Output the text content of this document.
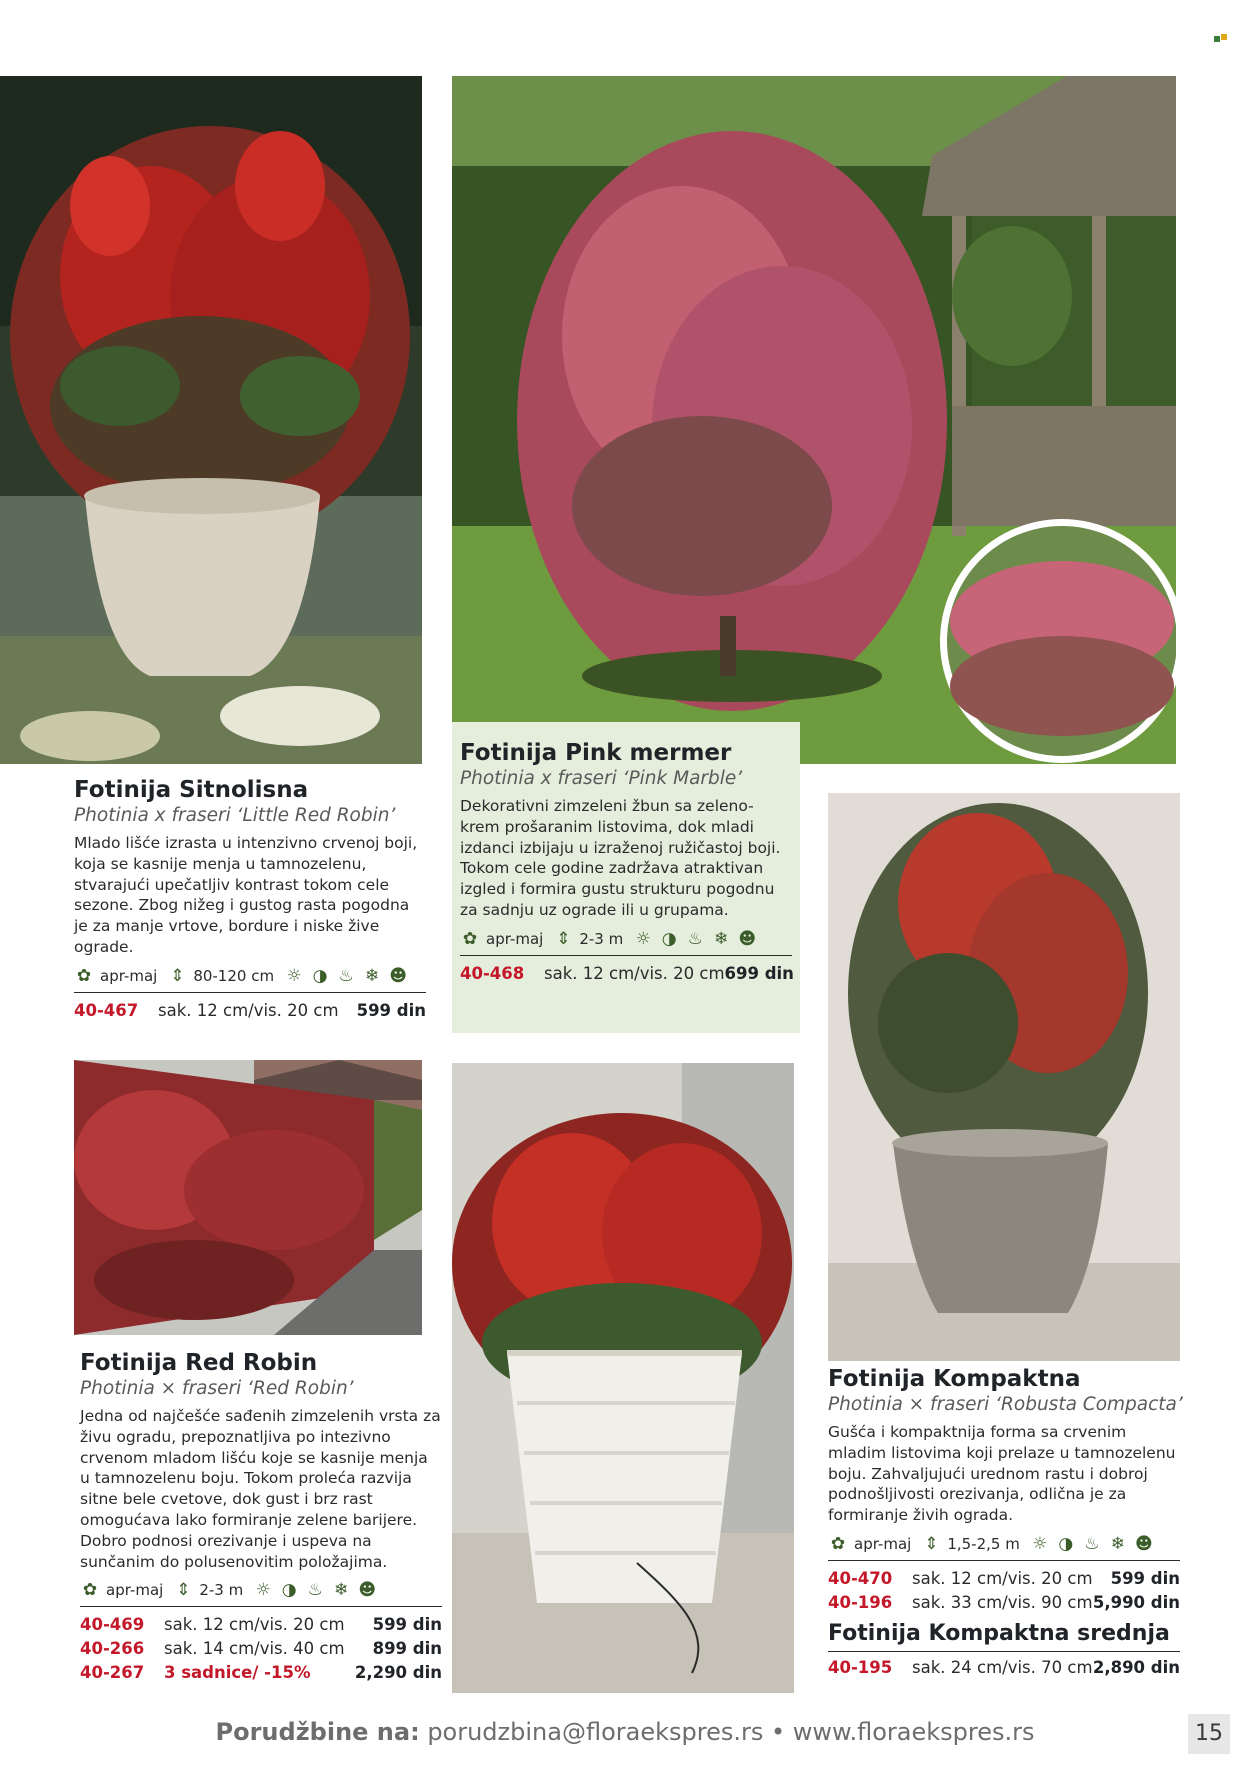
Fotinija Sitnolisna

Photinia x fraseri ‘Little Red Robin’

Mlado lišće izrasta u intenzivno crvenoj boji, koja se kasnije menja u tamnozelenu, stvarajući upečatljiv kontrast tokom cele sezone. Zbog nižeg i gustog rasta pogodna je za manje vrtove, bordure i niske žive ograde.

✿ apr-maj ⇕ 80-120 cm ☼ ◑ ♨ ❄ ☻
40-467	sak. 12 cm/vis. 20 cm	599 din
Fotinija Pink mermer

Photinia x fraseri ‘Pink Marble’

Dekorativni zimzeleni žbun sa zeleno-krem prošaranim listovima, dok mladi izdanci izbijaju u izraženoj ružičastoj boji. Tokom cele godine zadržava atraktivan izgled i formira gustu strukturu pogodnu za sadnju uz ograde ili u grupama.

✿ apr-maj ⇕ 2-3 m ☼ ◑ ♨ ❄ ☻
40-468	sak. 12 cm/vis. 20 cm 699 din
Fotinija Red Robin

Photinia × fraseri ‘Red Robin’

Jedna od najčešće sađenih zimzelenih vrsta za živu ogradu, prepoznatljiva po intezivno crvenom mladom lišću koje se kasnije menja u tamnozelenu boju. Tokom proleća razvija sitne bele cvetove, dok gust i brz rast omogućava lako formiranje zelene barijere. Dobro podnosi orezivanje i uspeva na sunčanim do polusenovitim položajima.

✿ apr-maj ⇕ 2-3 m ☼ ◑ ♨ ❄ ☻
40-469	sak. 12 cm/vis. 20 cm	599 din
40-266	sak. 14 cm/vis. 40 cm	899 din
40-267	3 sadnice/ -15%	2,290 din
Fotinija Kompaktna

Photinia × fraseri ‘Robusta Compacta’

Gušća i kompaktnija forma sa crvenim mladim listovima koji prelaze u tamnozelenu boju. Zahvaljujući urednom rastu i dobroj podnošljivosti orezivanja, odlična je za formiranje živih ograda.

✿ apr-maj ⇕ 1,5-2,5 m ☼ ◑ ♨ ❄ ☻
40-470	sak. 12 cm/vis. 20 cm	599 din
40-196	sak. 33 cm/vis. 90 cm 5,990 din
Fotinija Kompaktna srednja
40-195	sak. 24 cm/vis. 70 cm 2,890 din
Porudžbine na: porudzbina@floraekspres.rs • www.floraekspres.rs	15
